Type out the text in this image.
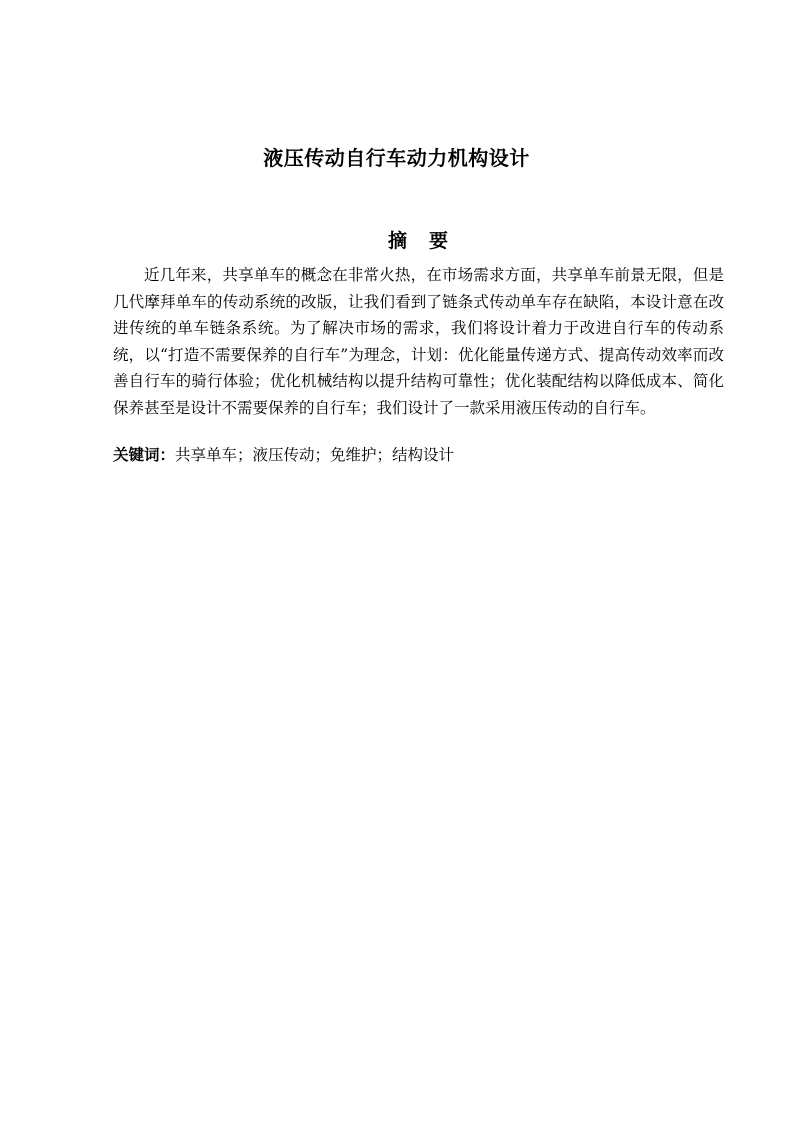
液压传动自行车动力机构设计
摘 要

近几年来，共享单车的概念在非常火热，在市场需求方面，共享单车前景无限，但是几代摩拜单车的传动系统的改版，让我们看到了链条式传动单车存在缺陷，本设计意在改进传统的单车链条系统。为了解决市场的需求，我们将设计着力于改进自行车的传动系统，以“打造不需要保养的自行车”为理念，计划：优化能量传递方式、提高传动效率而改善自行车的骑行体验；优化机械结构以提升结构可靠性；优化装配结构以降低成本、简化保养甚至是设计不需要保养的自行车；我们设计了一款采用液压传动的自行车。

关键词：共享单车；液压传动；免维护；结构设计
